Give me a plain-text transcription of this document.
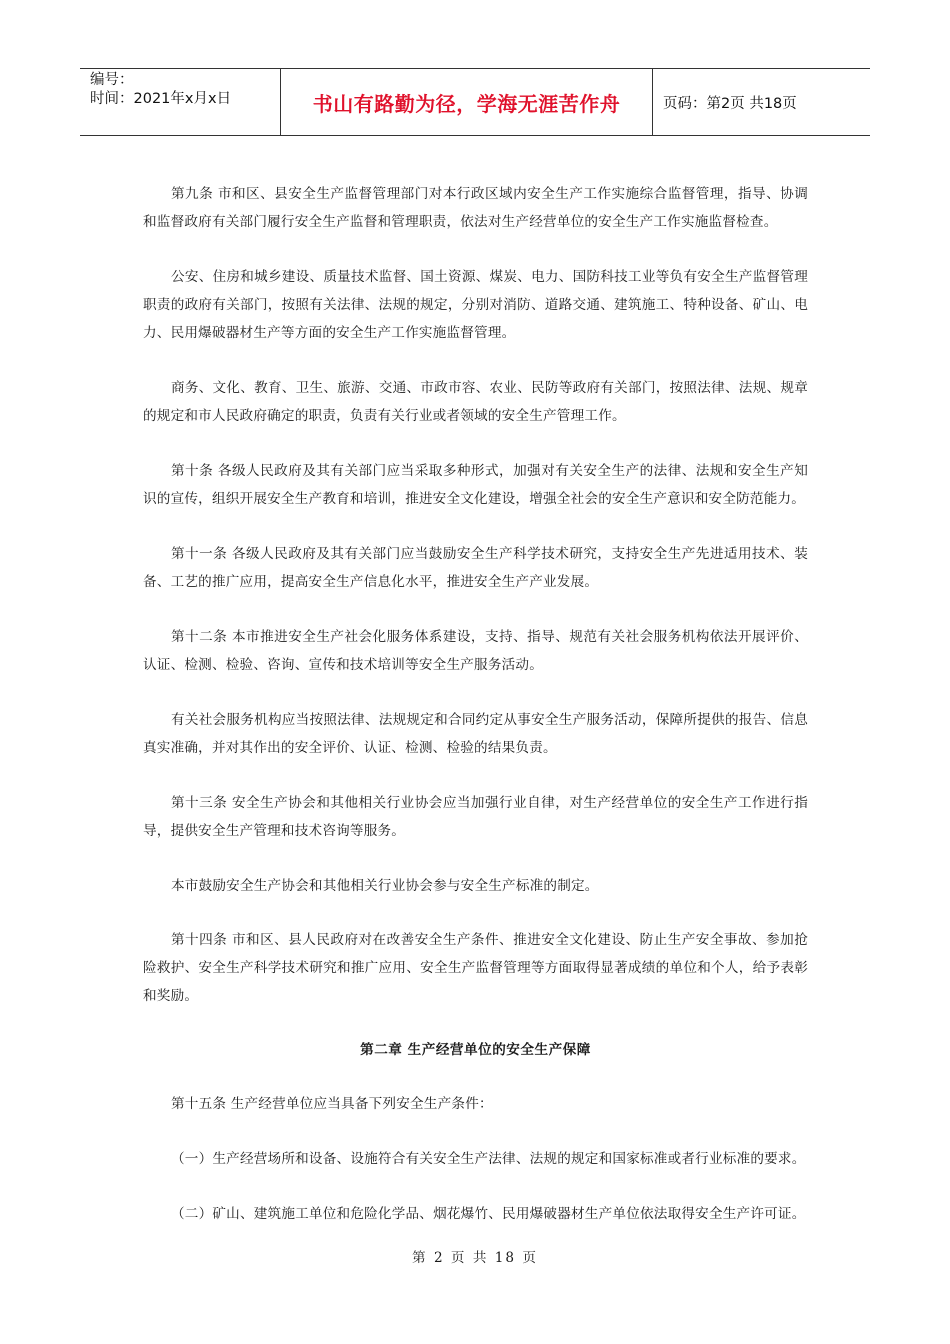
编号：
时间：2021年x月x日	书山有路勤为径，学海无涯苦作舟	页码：第2页 共18页

第九条 市和区、县安全生产监督管理部门对本行政区域内安全生产工作实施综合监督管理，指导、协调和监督政府有关部门履行安全生产监督和管理职责，依法对生产经营单位的安全生产工作实施监督检查。

公安、住房和城乡建设、质量技术监督、国土资源、煤炭、电力、国防科技工业等负有安全生产监督管理职责的政府有关部门，按照有关法律、法规的规定，分别对消防、道路交通、建筑施工、特种设备、矿山、电力、民用爆破器材生产等方面的安全生产工作实施监督管理。

商务、文化、教育、卫生、旅游、交通、市政市容、农业、民防等政府有关部门，按照法律、法规、规章的规定和市人民政府确定的职责，负责有关行业或者领域的安全生产管理工作。

第十条 各级人民政府及其有关部门应当采取多种形式，加强对有关安全生产的法律、法规和安全生产知识的宣传，组织开展安全生产教育和培训，推进安全文化建设，增强全社会的安全生产意识和安全防范能力。

第十一条 各级人民政府及其有关部门应当鼓励安全生产科学技术研究，支持安全生产先进适用技术、装备、工艺的推广应用，提高安全生产信息化水平，推进安全生产产业发展。

第十二条 本市推进安全生产社会化服务体系建设，支持、指导、规范有关社会服务机构依法开展评价、认证、检测、检验、咨询、宣传和技术培训等安全生产服务活动。

有关社会服务机构应当按照法律、法规规定和合同约定从事安全生产服务活动，保障所提供的报告、信息真实准确，并对其作出的安全评价、认证、检测、检验的结果负责。

第十三条 安全生产协会和其他相关行业协会应当加强行业自律，对生产经营单位的安全生产工作进行指导，提供安全生产管理和技术咨询等服务。

本市鼓励安全生产协会和其他相关行业协会参与安全生产标准的制定。

第十四条 市和区、县人民政府对在改善安全生产条件、推进安全文化建设、防止生产安全事故、参加抢险救护、安全生产科学技术研究和推广应用、安全生产监督管理等方面取得显著成绩的单位和个人，给予表彰和奖励。

第二章 生产经营单位的安全生产保障

第十五条 生产经营单位应当具备下列安全生产条件：

（一）生产经营场所和设备、设施符合有关安全生产法律、法规的规定和国家标准或者行业标准的要求。

（二）矿山、建筑施工单位和危险化学品、烟花爆竹、民用爆破器材生产单位依法取得安全生产许可证。

第 2 页 共 18 页
